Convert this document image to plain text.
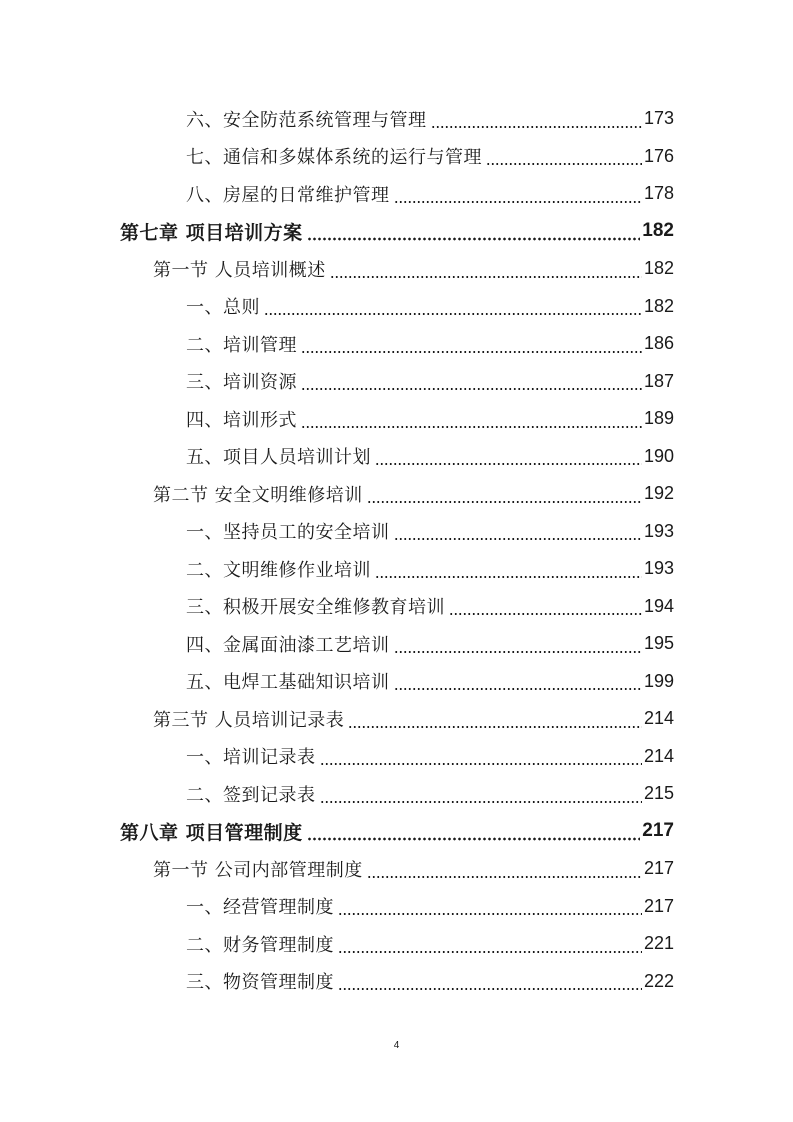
六、安全防范系统管理与管理	173
七、通信和多媒体系统的运行与管理	176
八、房屋的日常维护管理	178
第七章 项目培训方案	182
第一节 人员培训概述	182
一、总则	182
二、培训管理	186
三、培训资源	187
四、培训形式	189
五、项目人员培训计划	190
第二节 安全文明维修培训	192
一、坚持员工的安全培训	193
二、文明维修作业培训	193
三、积极开展安全维修教育培训	194
四、金属面油漆工艺培训	195
五、电焊工基础知识培训	199
第三节 人员培训记录表	214
一、培训记录表	214
二、签到记录表	215
第八章 项目管理制度	217
第一节 公司内部管理制度	217
一、经营管理制度	217
二、财务管理制度	221
三、物资管理制度	222
4
